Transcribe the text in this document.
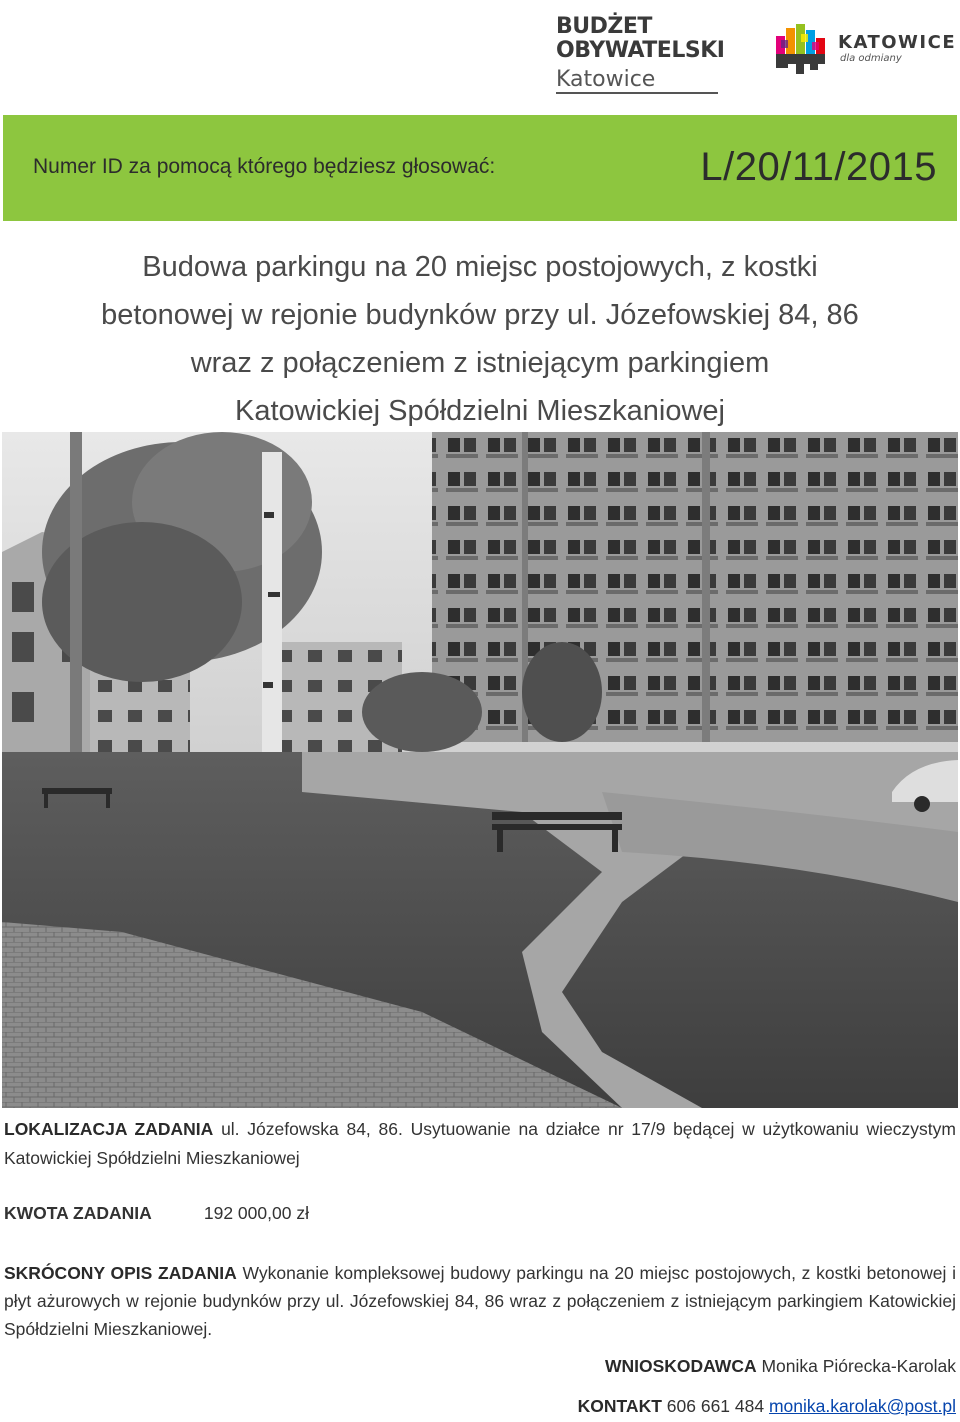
BUDŻET
OBYWATELSKI
Katowice
KATOWICE
dla odmiany
Numer ID za pomocą którego będziesz głosować:	L/20/11/2015
Budowa parkingu na 20 miejsc postojowych, z kostki
betonowej w rejonie budynków przy ul. Józefowskiej 84, 86
wraz z połączeniem z istniejącym parkingiem
Katowickiej Spółdzielni Mieszkaniowej
LOKALIZACJA ZADANIA ul. Józefowska 84, 86. Usytuowanie na działce nr 17/9 będącej w użytkowaniu wieczystym Katowickiej Spółdzielni Mieszkaniowej
KWOTA ZADANIA	192 000,00 zł
SKRÓCONY OPIS ZADANIA Wykonanie kompleksowej budowy parkingu na 20 miejsc postojowych, z kostki betonowej i płyt ażurowych w rejonie budynków przy ul. Józefowskiej 84, 86 wraz z połączeniem z istniejącym parkingiem Katowickiej Spółdzielni Mieszkaniowej.
WNIOSKODAWCA Monika Piórecka-Karolak
KONTAKT 606 661 484 monika.karolak@post.pl
